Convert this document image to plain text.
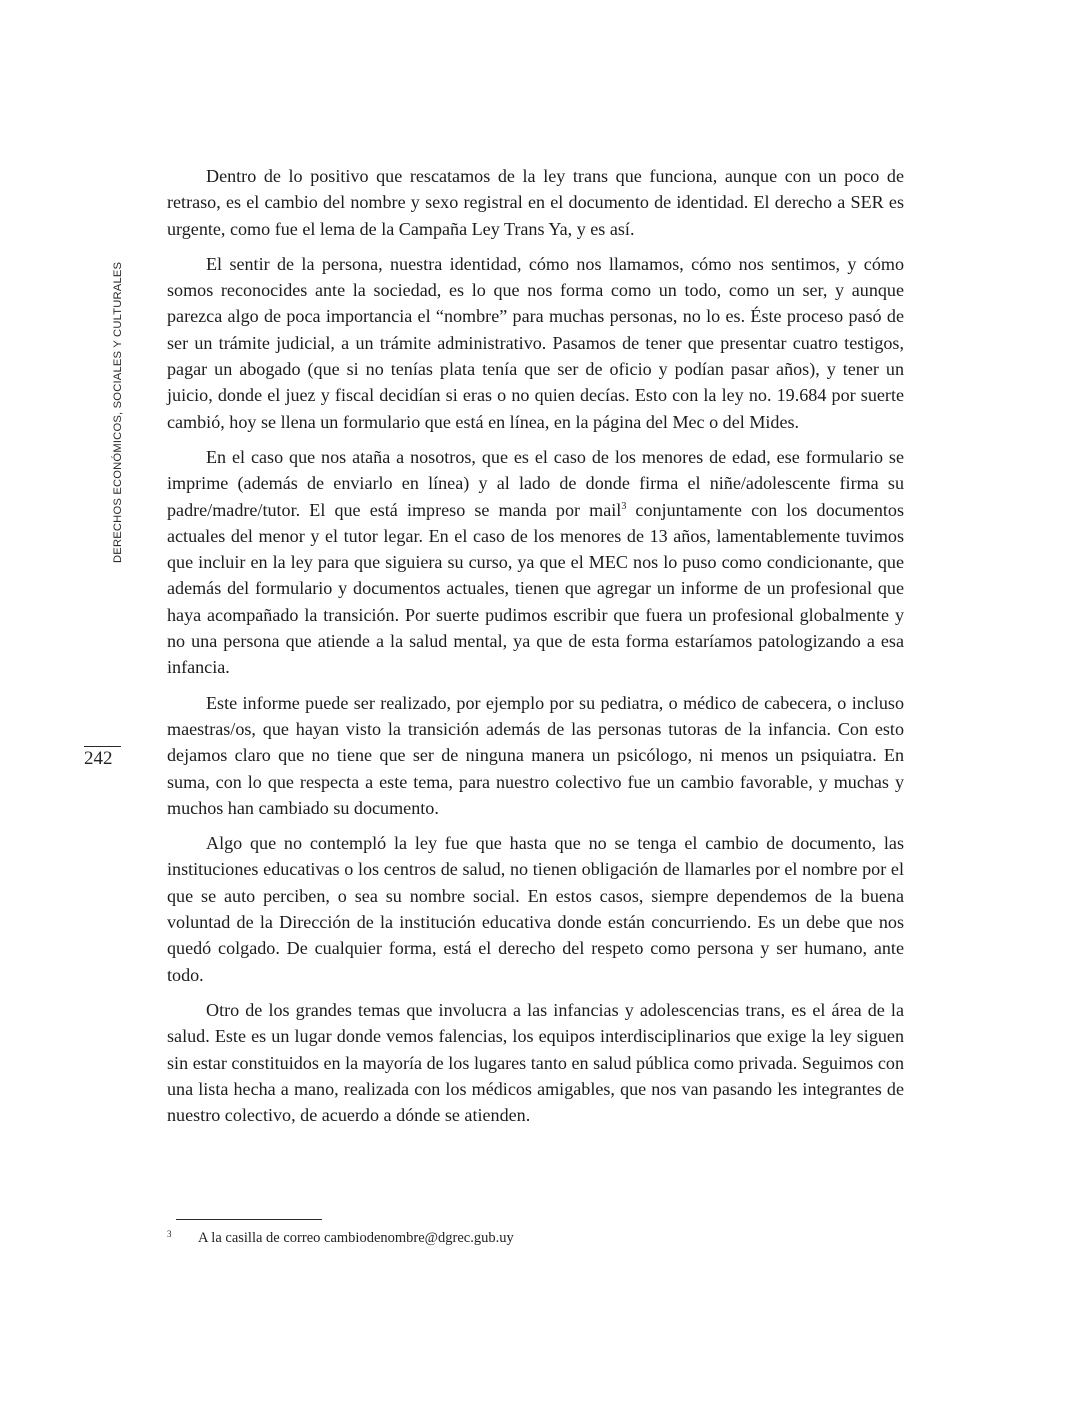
DERECHOS ECONÓMICOS, SOCIALES Y CULTURALES
242

Dentro de lo positivo que rescatamos de la ley trans que funciona, aunque con un poco de retraso, es el cambio del nombre y sexo registral en el documento de identidad. El derecho a SER es urgente, como fue el lema de la Campaña Ley Trans Ya, y es así.

El sentir de la persona, nuestra identidad, cómo nos llamamos, cómo nos sentimos, y cómo somos reconocides ante la sociedad, es lo que nos forma como un todo, como un ser, y aunque parezca algo de poca importancia el “nombre” para muchas personas, no lo es. Éste proceso pasó de ser un trámite judicial, a un trámite administrativo. Pasamos de tener que presentar cuatro testigos, pagar un abogado (que si no tenías plata tenía que ser de oficio y podían pasar años), y tener un juicio, donde el juez y fiscal decidían si eras o no quien decías. Esto con la ley no. 19.684 por suerte cambió, hoy se llena un formulario que está en línea, en la página del Mec o del Mides.

En el caso que nos ataña a nosotros, que es el caso de los menores de edad, ese formulario se imprime (además de enviarlo en línea) y al lado de donde firma el niñe/adolescente firma su padre/madre/tutor. El que está impreso se manda por mail$^3$ conjuntamente con los documentos actuales del menor y el tutor legar. En el caso de los menores de 13 años, lamentablemente tuvimos que incluir en la ley para que siguiera su curso, ya que el MEC nos lo puso como condicionante, que además del formulario y documentos actuales, tienen que agregar un informe de un profesional que haya acompañado la transición. Por suerte pudimos escribir que fuera un profesional globalmente y no una persona que atiende a la salud mental, ya que de esta forma estaríamos patologizando a esa infancia.

Este informe puede ser realizado, por ejemplo por su pediatra, o médico de cabecera, o incluso maestras/os, que hayan visto la transición además de las personas tutoras de la infancia. Con esto dejamos claro que no tiene que ser de ninguna manera un psicólogo, ni menos un psiquiatra. En suma, con lo que respecta a este tema, para nuestro colectivo fue un cambio favorable, y muchas y muchos han cambiado su documento.

Algo que no contempló la ley fue que hasta que no se tenga el cambio de documento, las instituciones educativas o los centros de salud, no tienen obligación de llamarles por el nombre por el que se auto perciben, o sea su nombre social. En estos casos, siempre dependemos de la buena voluntad de la Dirección de la institución educativa donde están concurriendo. Es un debe que nos quedó colgado. De cualquier forma, está el derecho del respeto como persona y ser humano, ante todo.

Otro de los grandes temas que involucra a las infancias y adolescencias trans, es el área de la salud. Este es un lugar donde vemos falencias, los equipos interdisciplinarios que exige la ley siguen sin estar constituidos en la mayoría de los lugares tanto en salud pública como privada. Seguimos con una lista hecha a mano, realizada con los médicos amigables, que nos van pasando les integrantes de nuestro colectivo, de acuerdo a dónde se atienden.

3 A la casilla de correo cambiodenombre@dgrec.gub.uy
